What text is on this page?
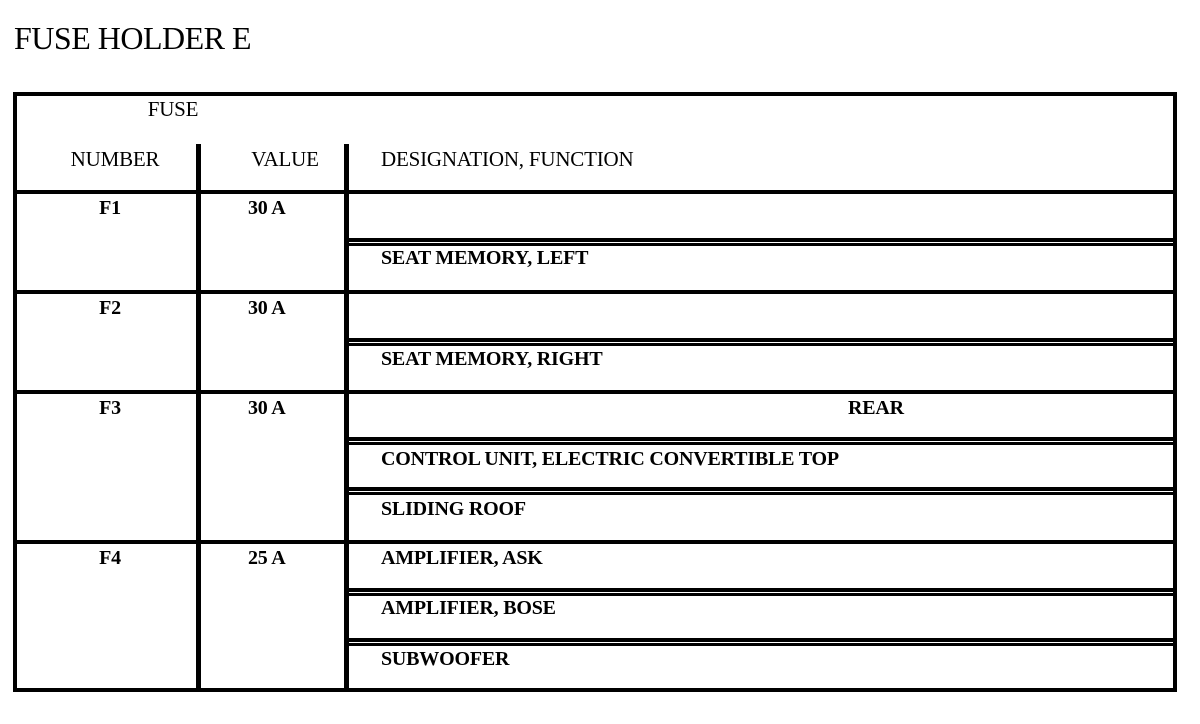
FUSE HOLDER E
FUSE
NUMBER	VALUE	DESIGNATION, FUNCTION
F1	30 A
SEAT MEMORY, LEFT
F2	30 A
SEAT MEMORY, RIGHT
F3	30 A	REAR
CONTROL UNIT, ELECTRIC CONVERTIBLE TOP
SLIDING ROOF
F4	25 A	AMPLIFIER, ASK
AMPLIFIER, BOSE
SUBWOOFER
